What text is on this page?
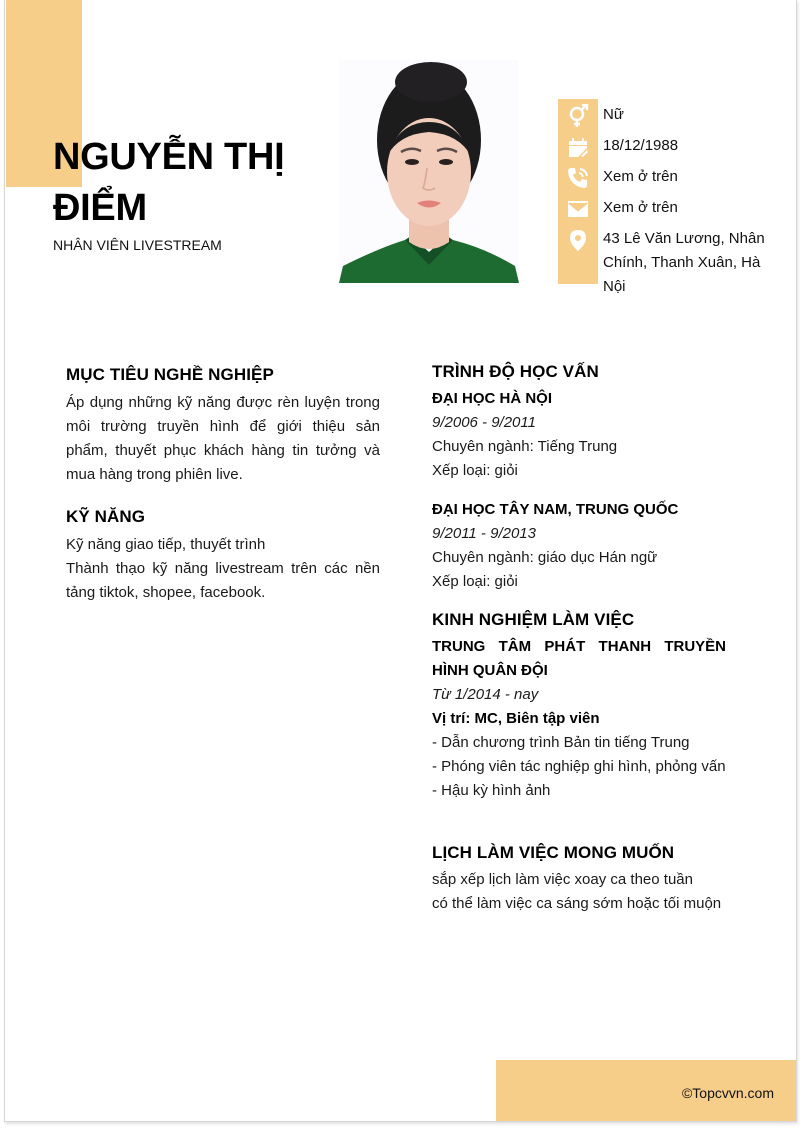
NGUYỄN THỊ
ĐIỂM
NHÂN VIÊN LIVESTREAM
Nữ
18/12/1988
Xem ở trên
Xem ở trên
43 Lê Văn Lương, Nhân Chính, Thanh Xuân, Hà Nội
MỤC TIÊU NGHỀ NGHIỆP

Áp dụng những kỹ năng được rèn luyện trong môi trường truyền hình để giới thiệu sản phẩm, thuyết phục khách hàng tin tưởng và mua hàng trong phiên live.

KỸ NĂNG

Kỹ năng giao tiếp, thuyết trình

Thành thạo kỹ năng livestream trên các nền tảng tiktok, shopee, facebook.

TRÌNH ĐỘ HỌC VẤN

ĐẠI HỌC HÀ NỘI

9/2006 - 9/2011

Chuyên ngành: Tiếng Trung

Xếp loại: giỏi

ĐẠI HỌC TÂY NAM, TRUNG QUỐC

9/2011 - 9/2013

Chuyên ngành: giáo dục Hán ngữ

Xếp loại: giỏi

KINH NGHIỆM LÀM VIỆC

TRUNG TÂM PHÁT THANH TRUYỀN HÌNH QUÂN ĐỘI

Từ 1/2014 - nay

Vị trí: MC, Biên tập viên

- Dẫn chương trình Bản tin tiếng Trung

- Phóng viên tác nghiệp ghi hình, phỏng vấn

- Hậu kỳ hình ảnh

LỊCH LÀM VIỆC MONG MUỐN

sắp xếp lịch làm việc xoay ca theo tuần

có thể làm việc ca sáng sớm hoặc tối muộn

©Topcvvn.com
